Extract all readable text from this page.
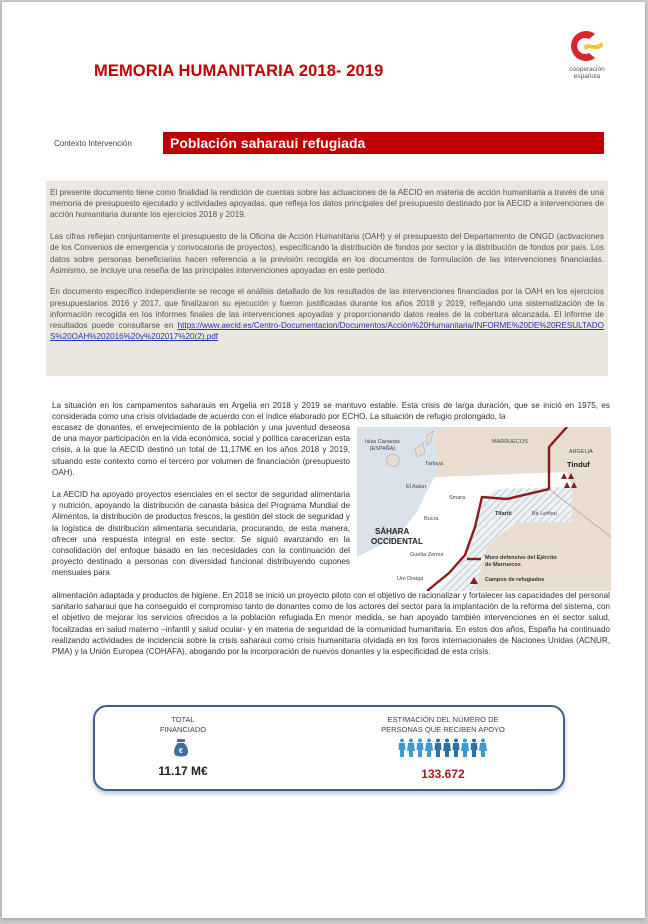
MEMORIA HUMANITARIA 2018- 2019	cooperación
española
Contexto Intervención	Población saharaui refugiada

El presente documento tiene como finalidad la rendición de cuentas sobre las actuaciones de la AECID en materia de acción humanitaria a través de una memoria de presupuesto ejecutado y actividades apoyadas, que refleja los datos principales del presupuesto destinado por la AECID a intervenciones de acción humanitaria durante los ejercicios 2018 y 2019.

Las cifras reflejan conjuntamente el presupuesto de la Oficina de Acción Humanitaria (OAH) y el presupuesto del Departamento de ONGD (activaciones de los Convenios de emergencia y convocatoria de proyectos), especificando la distribución de fondos por sector y la distribución de fondos por país. Los datos sobre personas beneficiarias hacen referencia a la previsión recogida en los documentos de formulación de las intervenciones financiadas. Asimismo, se incluye una reseña de las principales intervenciones apoyadas en este periodo.

En documento específico independiente se recoge el análisis detallado de los resultados de las intervenciones financiadas por la OAH en los ejercicios presupuestarios 2016 y 2017, que finalizaron su ejecución y fueron justificadas durante los años 2018 y 2019, reflejando una sistematización de la información recogida en los informes finales de las intervenciones apoyadas y proporcionando datos reales de la cobertura alcanzada. El informe de resultados puede consultarse en https://www.aecid.es/Centro-Documentacion/Documentos/Acción%20Humanitaria/INFORME%20DE%20RESULTADOS%20OAH%202016%20y%202017%20(2).pdf

La situación en los campamentos saharauis en Argelia en 2018 y 2019 se mantuvo estable. Esta crisis de larga duración, que se inició en 1975, es considerada como una crisis olvidadade de acuerdo con el índice elaborado por ECHO. La situación de refugio prolongado, la

escasez de donantes, el envejecimiento de la población y una juventud deseosa de una mayor participación en la vida económica, social y política caracerizan esta crisis, a la que la AECID destinó un total de 11,17M€ en los años 2018 y 2019, situando este contexto como el tercero por volumen de financiación (presupuesto OAH).

La AECID ha apoyado proyectos esenciales en el sector de seguridad alimentaria y nutrición, apoyando la distribución de canasta básica del Programa Mundial de Alimentos, la distribución de productos frescos, la gestión del stock de seguridad y la logística de distribución alimentaria secundaria, procurando, de esta manera, ofrecer una respuesta integral en este sector. Se siguió avanzando en la consolidación del enfoque basado en las necesidades con la continuación del proyecto destinado a personas con diversidad funcional distribuyendo cupones mensuales para

Islas Canarias
(ESPAÑA)
MARRUECOS
ARGELIA
Tinduf
Tarfaya
El Aaiún
Smara
Tifariti	Bir Lehlou
Bucra
SÁHARA
OCCIDENTAL
Guelta Zemur
Um Dreiga
Muro defensivo del Ejército
de Marruecos
Campos de refugiados

alimentación adaptada y productos de higiene. En 2018 se inició un proyecto piloto con el objetivo de racionalizar y fortalecer las capacidades del personal sanitario saharaui que ha conseguido el compromiso tanto de donantes como de los actores del sector para la implantación de la reforma del sistema, con el objetivo de mejorar los servicios ofrecidos a la población refugiada.En menor medida, se han apoyado también intervenciones en el sector salud, focalizadas en salud materno –infantil y salud ocular- y en materia de seguridad de la comunidad humanitaria. En estos dos años, España ha continuado realizando actividades de incidencia sobre la crisis saharaui como crisis humanitaria olvidada en los foros internacionales de Naciones Unidas (ACNUR, PMA) y la Unión Europea (COHAFA), abogando por la incorporación de nuevos donantes y la especificidad de esta crisis.

TOTAL
FINANCIADO
€
11.17 M€
ESTIMACIÓN DEL NÚMERO DE
PERSONAS QUE RECIBEN APOYO
133.672
